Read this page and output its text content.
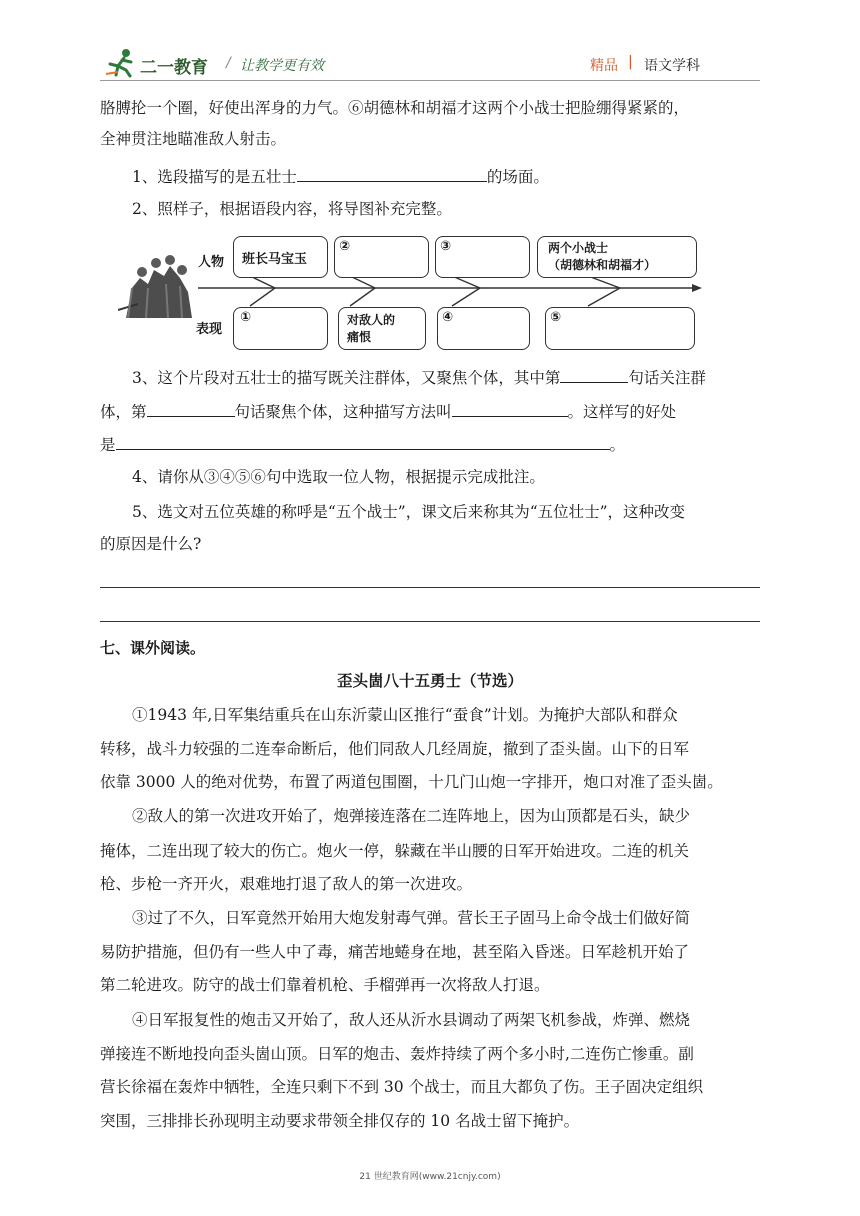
二一教育 / 让教学更有效	精品 | 语文学科
胳膊抡一个圈，好使出浑身的力气。⑥胡德林和胡福才这两个小战士把脸绷得紧紧的，
全神贯注地瞄准敌人射击。
1、选段描写的是五壮士	的场面。
2、照样子，根据语段内容，将导图补充完整。
人物
表现
班长马宝玉
②	③	两个小战士
（胡德林和胡福才）
①	对敌人的
痛恨
④	⑤
3、这个片段对五壮士的描写既关注群体，又聚焦个体，其中第	句话关注群
体，第	句话聚焦个体，这种描写方法叫	。这样写的好处
是	。
4、请你从③④⑤⑥句中选取一位人物，根据提示完成批注。
5、选文对五位英雄的称呼是“五个战士”，课文后来称其为“五位壮士”，这种改变
的原因是什么?
七、课外阅读。
歪头崮八十五勇士（节选）
①1943 年,日军集结重兵在山东沂蒙山区推行“蚕食”计划。为掩护大部队和群众
转移，战斗力较强的二连奉命断后，他们同敌人几经周旋，撤到了歪头崮。山下的日军
依靠 3000 人的绝对优势，布置了两道包围圈，十几门山炮一字排开，炮口对准了歪头崮。
②敌人的第一次进攻开始了，炮弹接连落在二连阵地上，因为山顶都是石头，缺少
掩体，二连出现了较大的伤亡。炮火一停，躲藏在半山腰的日军开始进攻。二连的机关
枪、步枪一齐开火，艰难地打退了敌人的第一次进攻。
③过了不久，日军竟然开始用大炮发射毒气弹。营长王子固马上命令战士们做好简
易防护措施，但仍有一些人中了毒，痛苦地蜷身在地，甚至陷入昏迷。日军趁机开始了
第二轮进攻。防守的战士们靠着机枪、手榴弹再一次将敌人打退。
④日军报复性的炮击又开始了，敌人还从沂水县调动了两架飞机参战，炸弹、燃烧
弹接连不断地投向歪头崮山顶。日军的炮击、轰炸持续了两个多小时,二连伤亡惨重。副
营长徐福在轰炸中牺牲，全连只剩下不到 30 个战士，而且大都负了伤。王子固决定组织
突围，三排排长孙现明主动要求带领全排仅存的 10 名战士留下掩护。
21 世纪教育网(www.21cnjy.com)
